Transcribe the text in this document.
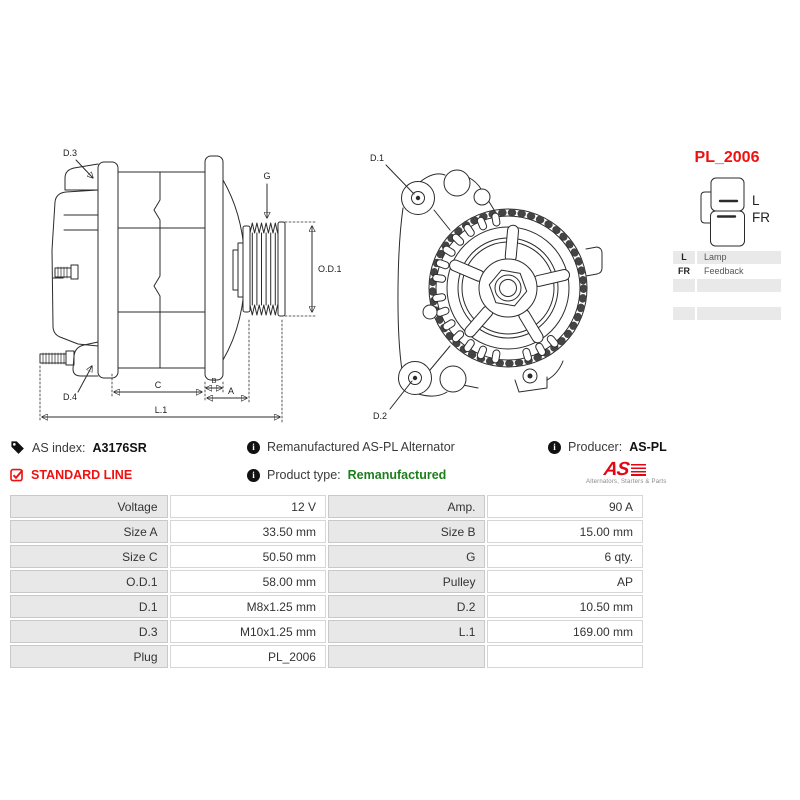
D.3
G
O.D.1
D.4
C	B
A
L.1
D.1
D.2
PL_2006
L
FR
L	Lamp
FR	Feedback
AS index: A3176SR i	Remanufactured AS-PL Alternator i	Producer: AS-PL
STANDARD LINE i	Product type: Remanufactured	AS
Alternators, Starters & Parts
Voltage	12 V	Amp.	90 A
Size A	33.50 mm	Size B	15.00 mm
Size C	50.50 mm	G	6 qty.
O.D.1	58.00 mm	Pulley	AP
D.1	M8x1.25 mm	D.2	10.50 mm
D.3	M10x1.25 mm	L.1	169.00 mm
Plug	PL_2006		
